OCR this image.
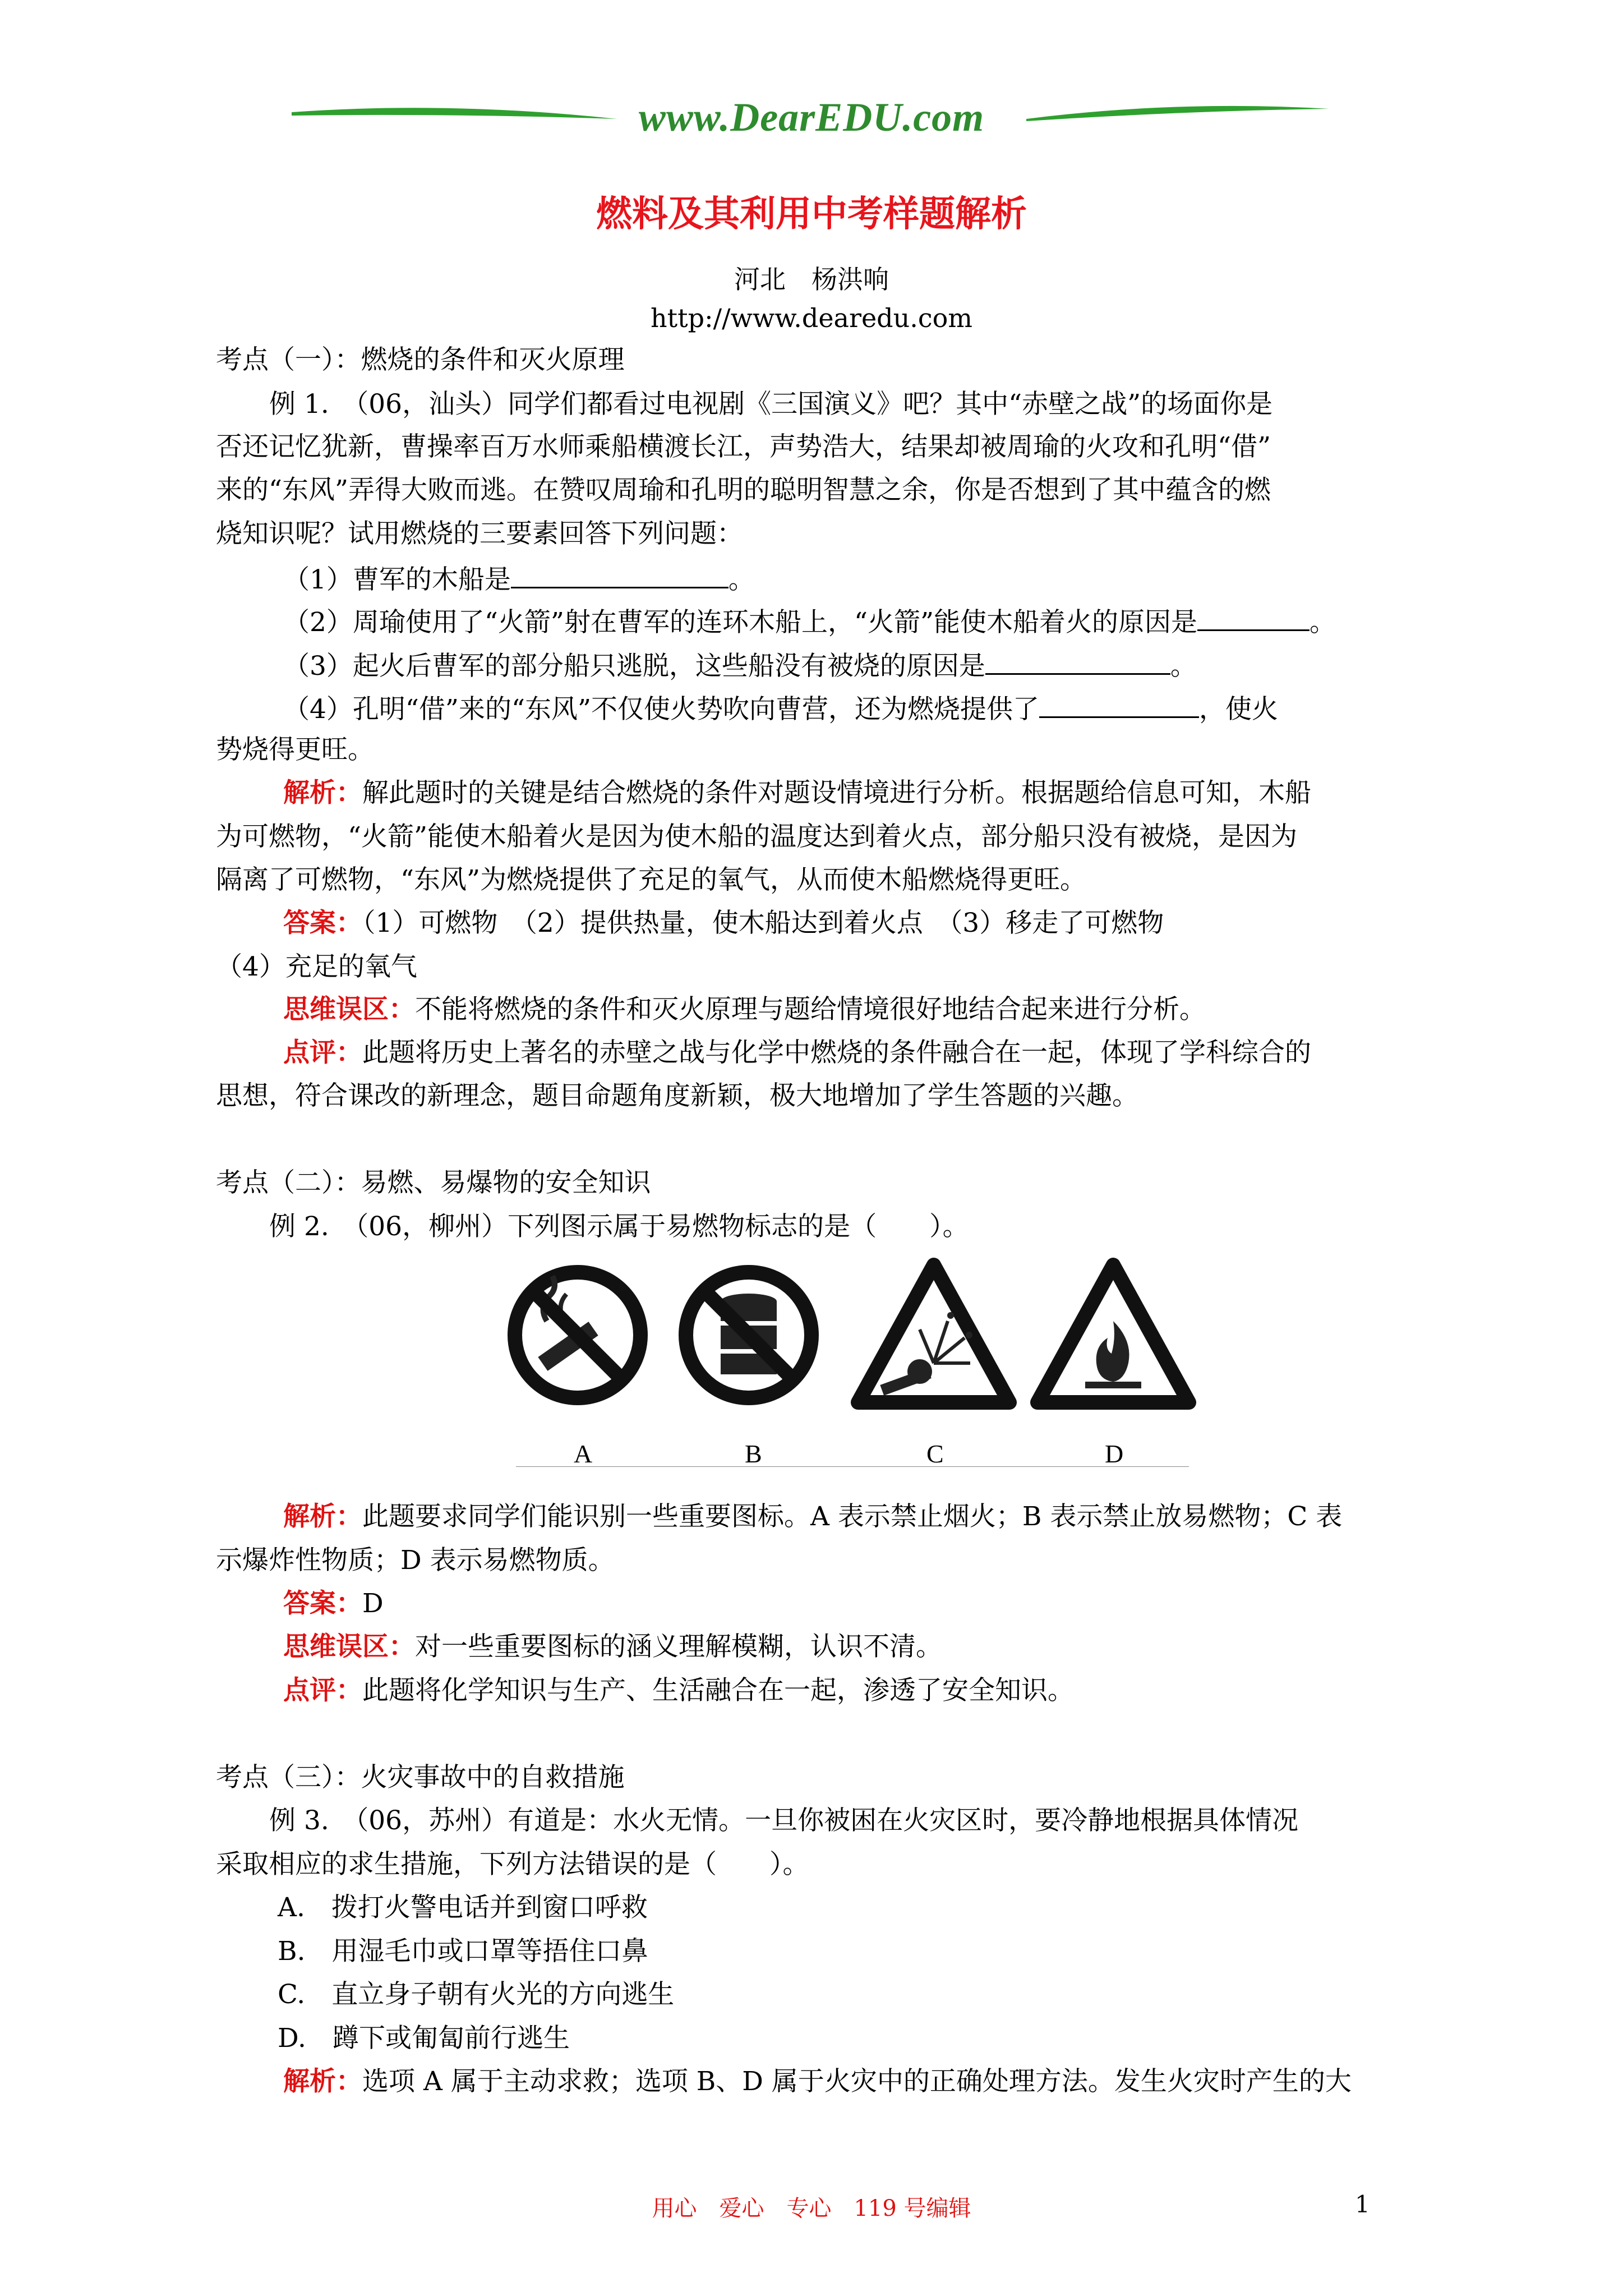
www.DearEDU.com
燃料及其利用中考样题解析
河北　杨洪响
http://www.dearedu.com
考点（一）：燃烧的条件和灭火原理
例 1.　（06，汕头）同学们都看过电视剧《三国演义》吧？其中“赤壁之战”的场面你是
否还记忆犹新，曹操率百万水师乘船横渡长江，声势浩大，结果却被周瑜的火攻和孔明“借”
来的“东风”弄得大败而逃。在赞叹周瑜和孔明的聪明智慧之余，你是否想到了其中蕴含的燃
烧知识呢？试用燃烧的三要素回答下列问题：
（1）曹军的木船是	。
（2）周瑜使用了“火箭”射在曹军的连环木船上，“火箭”能使木船着火的原因是	。
（3）起火后曹军的部分船只逃脱，这些船没有被烧的原因是	。
（4）孔明“借”来的“东风”不仅使火势吹向曹营，还为燃烧提供了	，使火
势烧得更旺。
解析：解此题时的关键是结合燃烧的条件对题设情境进行分析。根据题给信息可知，木船
为可燃物，“火箭”能使木船着火是因为使木船的温度达到着火点，部分船只没有被烧，是因为
隔离了可燃物，“东风”为燃烧提供了充足的氧气，从而使木船燃烧得更旺。
答案：（1）可燃物　（2）提供热量，使木船达到着火点　（3）移走了可燃物
（4）充足的氧气
思维误区：不能将燃烧的条件和灭火原理与题给情境很好地结合起来进行分析。
点评：此题将历史上著名的赤壁之战与化学中燃烧的条件融合在一起，体现了学科综合的
思想，符合课改的新理念，题目命题角度新颖，极大地增加了学生答题的兴趣。
考点（二）：易燃、易爆物的安全知识
例 2.　（06，柳州）下列图示属于易燃物标志的是（　　）。
A	B	C	D
解析：此题要求同学们能识别一些重要图标。A 表示禁止烟火；B 表示禁止放易燃物；C 表
示爆炸性物质；D 表示易燃物质。
答案：D
思维误区：对一些重要图标的涵义理解模糊，认识不清。
点评：此题将化学知识与生产、生活融合在一起，渗透了安全知识。
考点（三）：火灾事故中的自救措施
例 3.　（06，苏州）有道是：水火无情。一旦你被困在火灾区时，要冷静地根据具体情况
采取相应的求生措施，下列方法错误的是（　　）。
A.　拨打火警电话并到窗口呼救
B.　用湿毛巾或口罩等捂住口鼻
C.　直立身子朝有火光的方向逃生
D.　蹲下或匍匐前行逃生
解析：选项 A 属于主动求救；选项 B、D 属于火灾中的正确处理方法。发生火灾时产生的大
用心　爱心　专心　119 号编辑	1
